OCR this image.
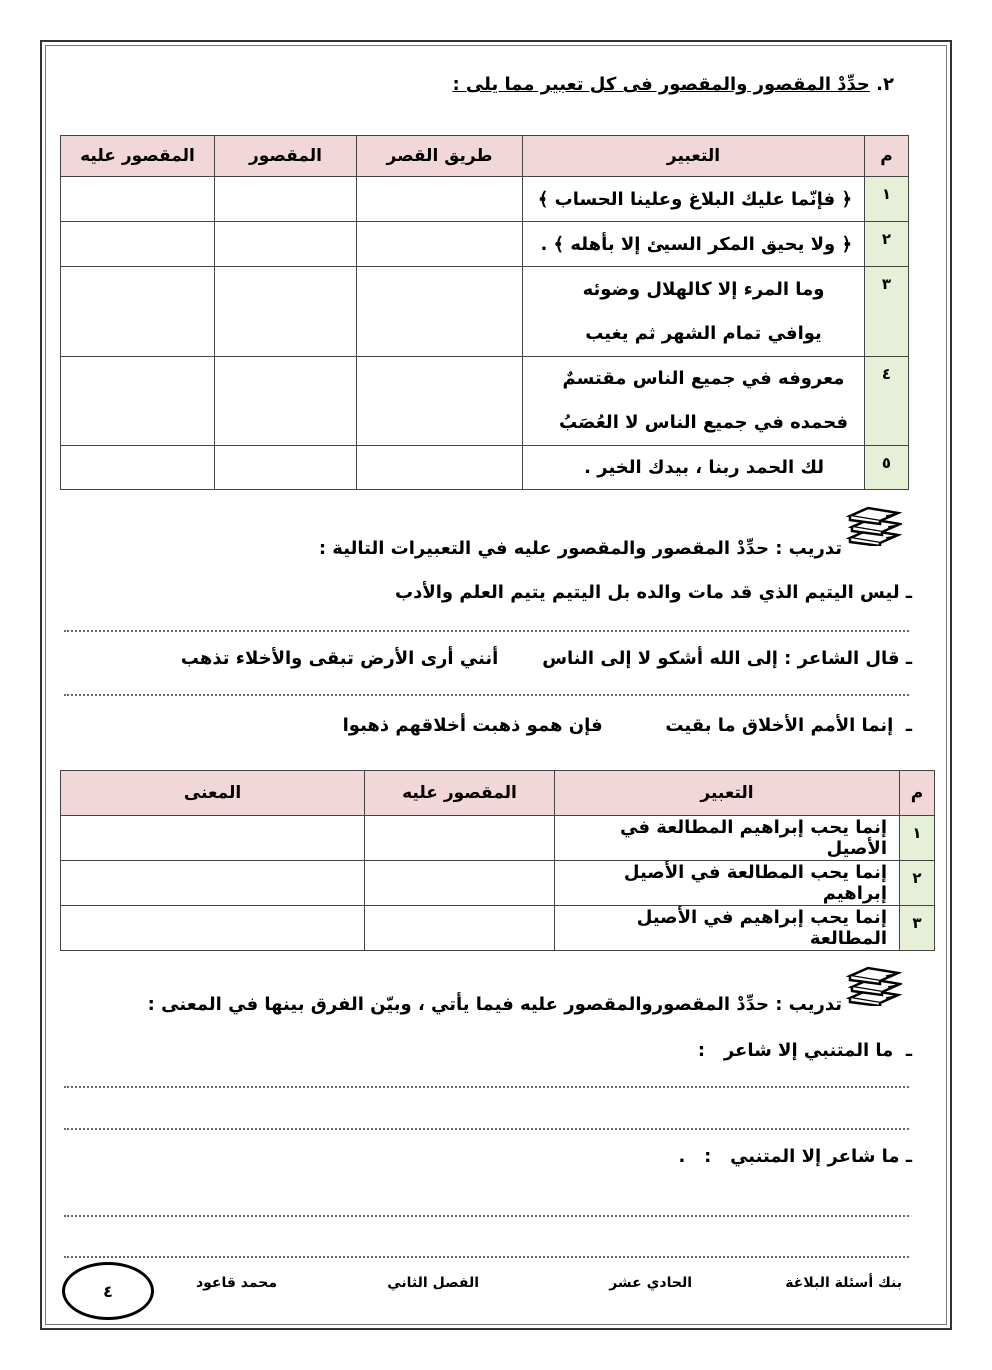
٢. حدِّدْ المقصور والمقصور فى كل تعبير مما يلى :
م	التعبير	طريق القصر	المقصور	المقصور عليه
١	﴿ فإنّما عليك البلاغ وعلينا الحساب ﴾			
٢	﴿ ولا يحيق المكر السيئ إلا بأهله ﴾ .			
٣	وما المرء إلا كالهلال وضوئه
يوافي تمام الشهر ثم يغيب			

٤	معروفه في جميع الناس مقتسمٌ
فحمده في جميع الناس لا العُصَبُ			

٥	لك الحمد ربنا ، بيدك الخير .			
تدريب : حدِّدْ المقصور والمقصور عليه في التعبيرات التالية :
ـ ليس اليتيم الذي قد مات والده بل اليتيم يتيم العلم والأدب
ـ قال الشاعر : إلى الله أشكو لا إلى الناس       أنني أرى الأرض تبقى والأخلاء تذهب
ـ  إنما الأمم الأخلاق ما بقيت          فإن همو ذهبت أخلاقهم ذهبوا
م	التعبير	المقصور عليه	المعنى
١	إنما يحب إبراهيم المطالعة في الأصيل		
٢	إنما يحب المطالعة في الأصيل إبراهيم		
٣	إنما يحب إبراهيم في الأصيل المطالعة		
تدريب : حدِّدْ المقصوروالمقصور عليه فيما يأتي ، وبيّن الفرق بينها في المعنى :
ـ  ما المتنبي إلا شاعر   :
ـ ما شاعر إلا المتنبي   :   .
بنك أسئلة البلاغة
الحادي عشر
الفصل الثاني
محمد قاعود
٤
